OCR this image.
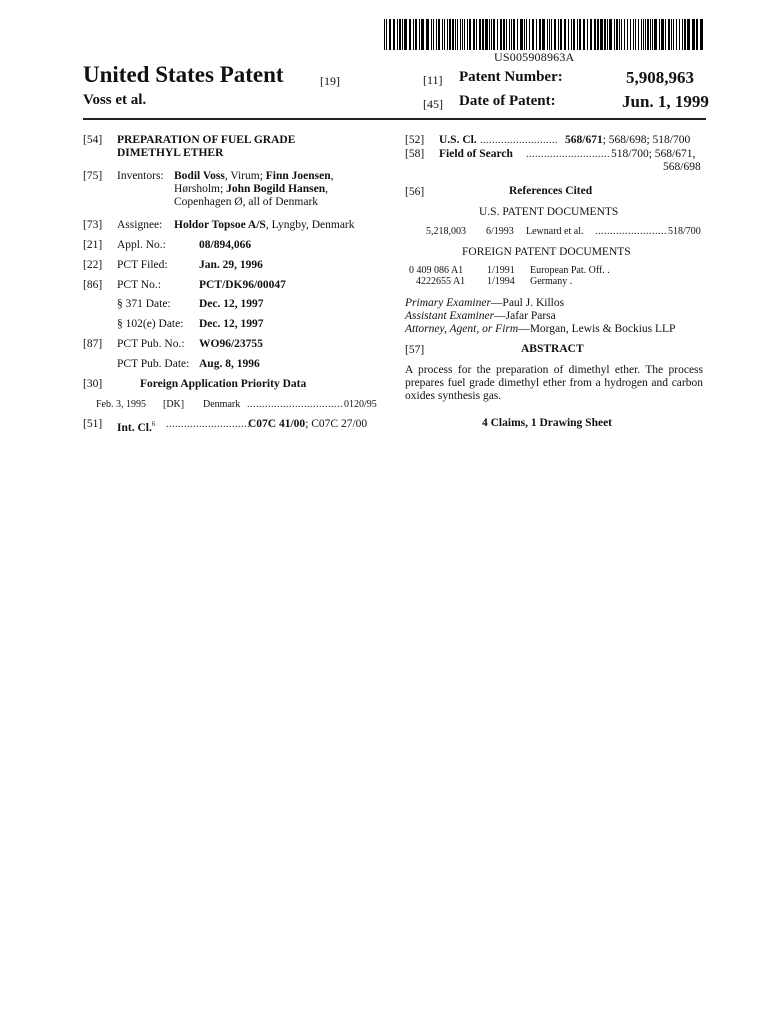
US005908963A
United States Patent	[19]
Voss et al.
[11] Patent Number:	5,908,963
[45] Date of Patent:	Jun. 1, 1999
[54] PREPARATION OF FUEL GRADE
DIMETHYL ETHER
[75] Inventors: Bodil Voss, Virum; Finn Joensen,
Hørsholm; John Bogild Hansen,
Copenhagen Ø, all of Denmark
[73] Assignee: Holdor Topsoe A/S, Lyngby, Denmark
[21] Appl. No.:	08/894,066
[22] PCT Filed:	Jan. 29, 1996
[86] PCT No.:	PCT/DK96/00047
§ 371 Date: Dec. 12, 1997
§ 102(e) Date: Dec. 12, 1997
[87] PCT Pub. No.: WO96/23755
PCT Pub. Date: Aug. 8, 1996
[30]	Foreign Application Priority Data
Feb. 3, 1995 [DK] Denmark ................................ 0120/95
[51] Int. Cl.$^6$ ............................
C07C 41/00; C07C 27/00
[52] U.S. Cl. .......................... 568/671; 568/698; 518/700
[58] Field of Search ............................ 518/700; 568/671,
568/698
[56]	References Cited
U.S. PATENT DOCUMENTS
5,218,003 6/1993 Lewnard et al. ........................ 518/700
FOREIGN PATENT DOCUMENTS
0 409 086 A1 1/1991 European Pat. Off. .
4222655 A1 1/1994 Germany .
Primary Examiner—Paul J. Killos
Assistant Examiner—Jafar Parsa
Attorney, Agent, or Firm—Morgan, Lewis & Bockius LLP
[57]	ABSTRACT
A process for the preparation of dimethyl ether. The process prepares fuel grade dimethyl ether from a hydrogen and carbon oxides synthesis gas.
4 Claims, 1 Drawing Sheet
